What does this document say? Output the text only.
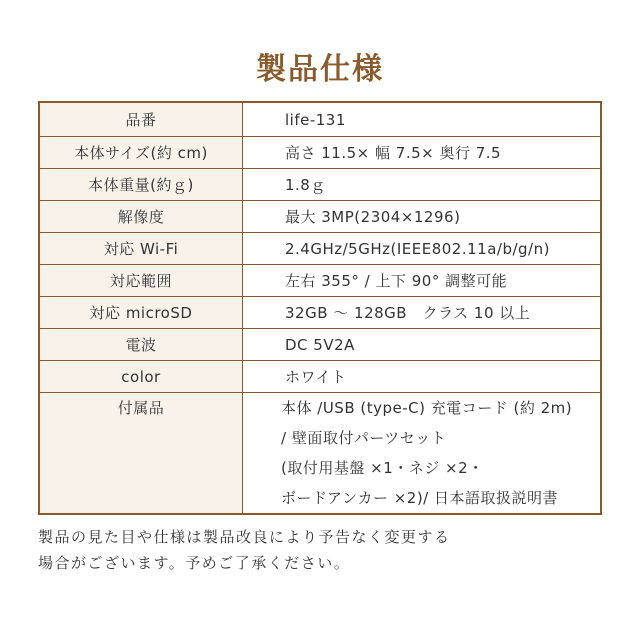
製品仕様
品番	life-131
本体サイズ(約 cm)	高さ 11.5× 幅 7.5× 奥行 7.5
本体重量(約ｇ)	1.8ｇ
解像度	最大 3MP(2304×1296)
対応 Wi-Fi	2.4GHz/5GHz(IEEE802.11a/b/g/n)
対応範囲	左右 355° / 上下 90° 調整可能
対応 microSD	32GB ～ 128GB　クラス 10 以上
電波	DC 5V2A
color	ホワイト
付属品	本体 /USB (type-C) 充電コード (約 2m)
/ 壁面取付パーツセット
(取付用基盤 ×1・ネジ ×2・
ボードアンカー ×2)/ 日本語取扱説明書
製品の見た目や仕様は製品改良により予告なく変更する
場合がございます。予めご了承ください。
